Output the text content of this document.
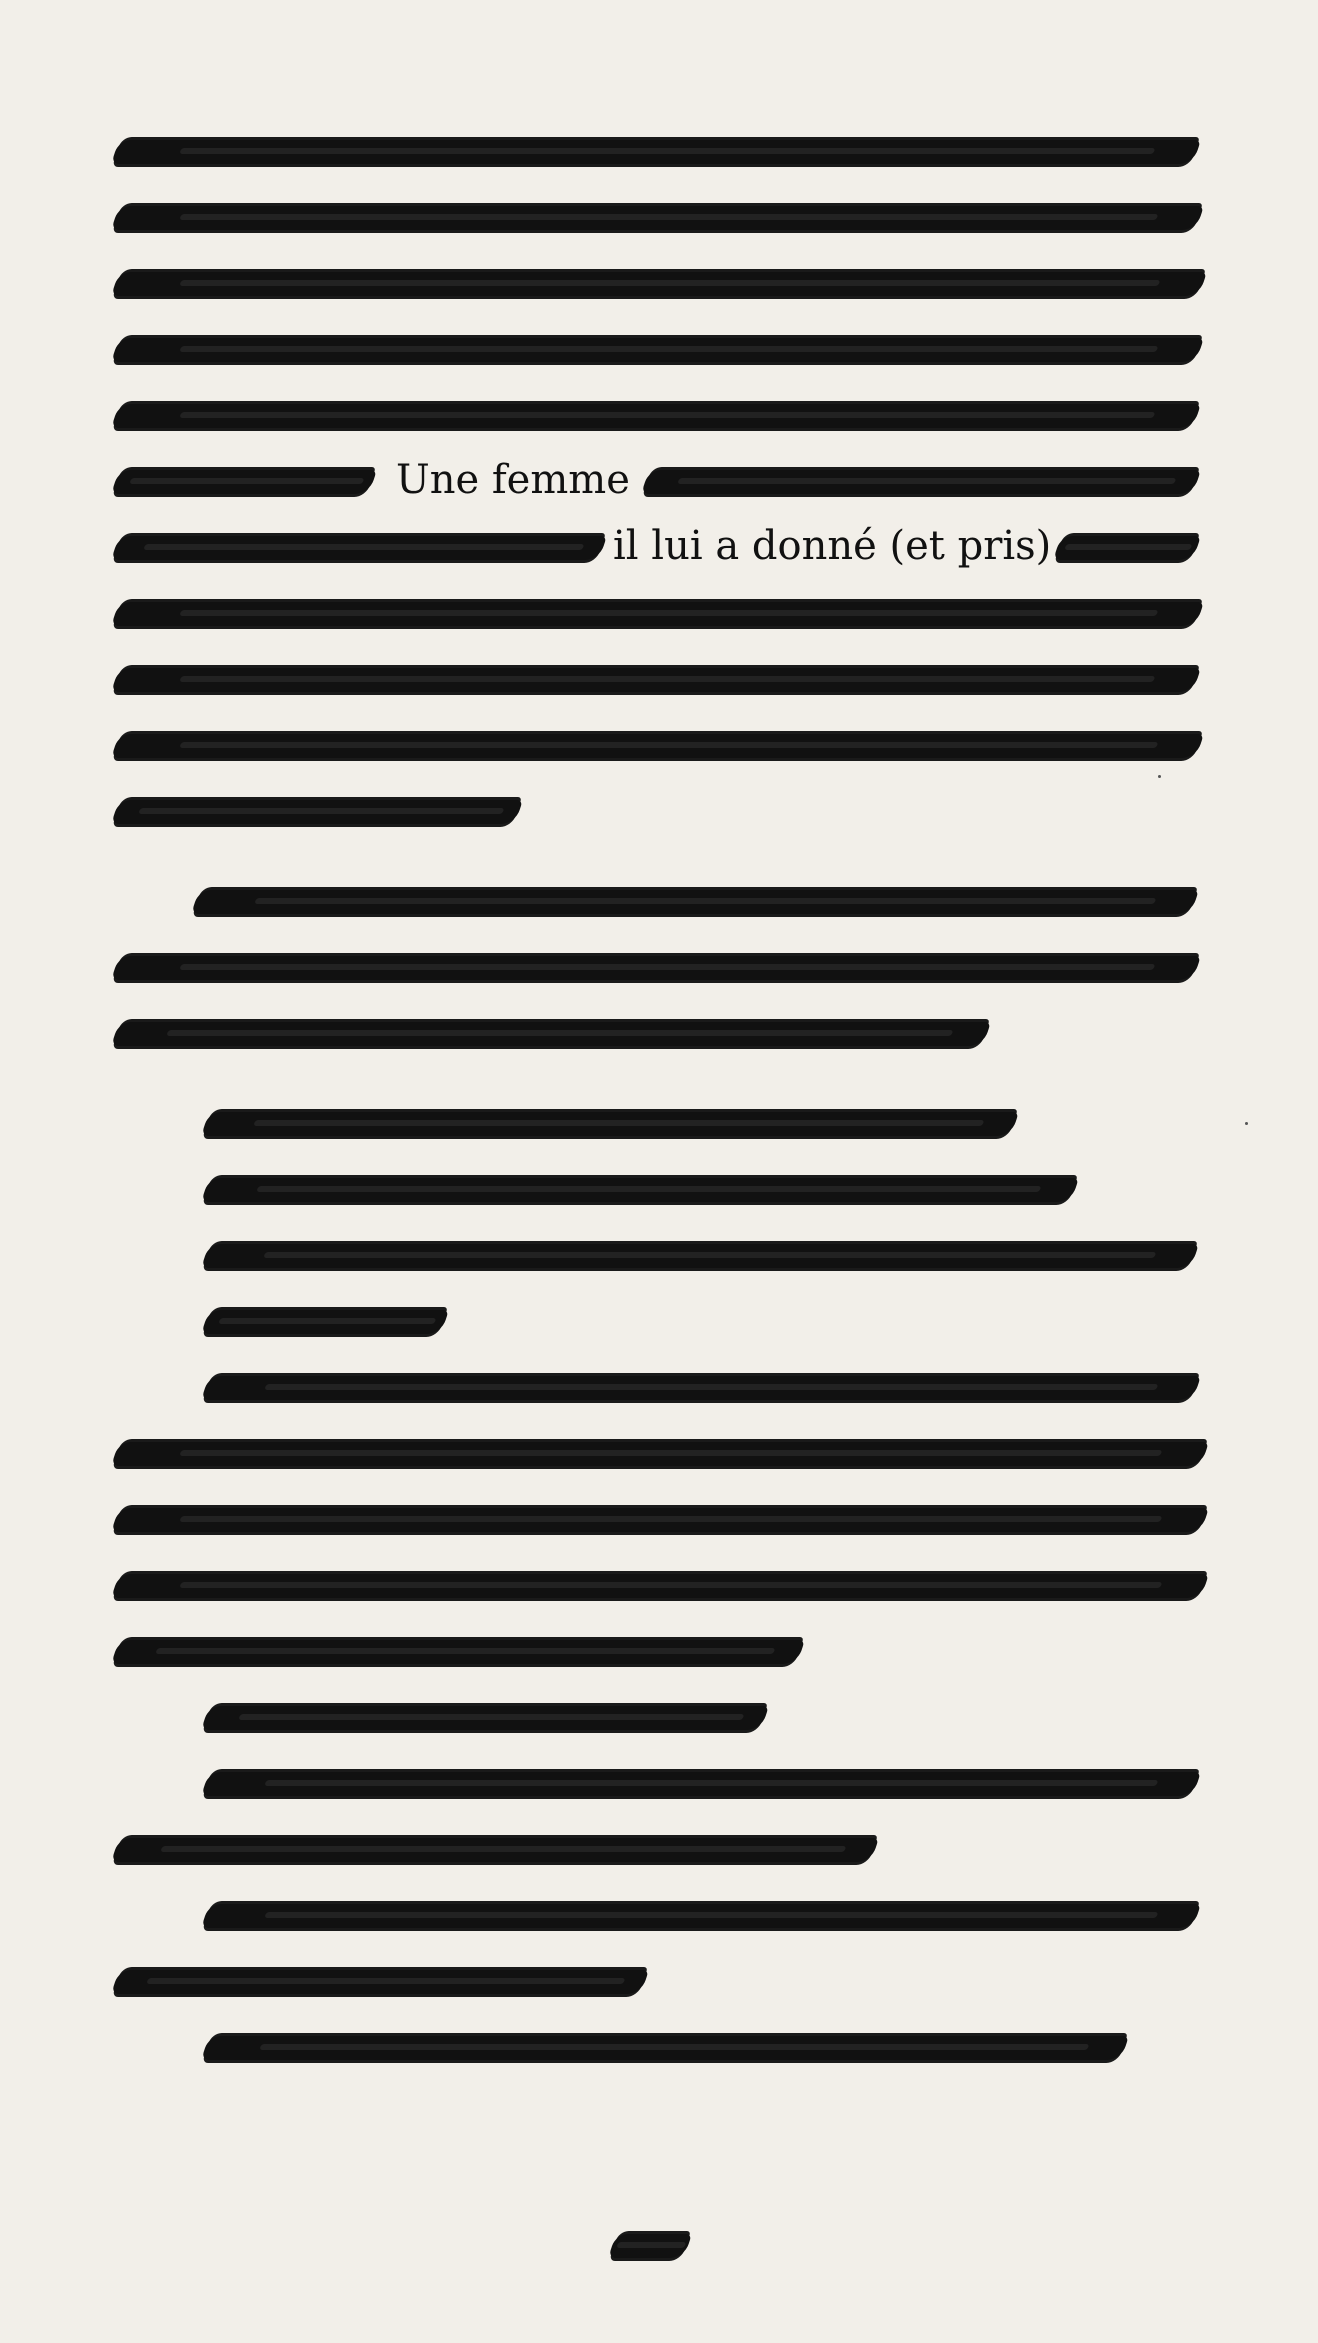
Une femme
il lui a donné (et pris)
